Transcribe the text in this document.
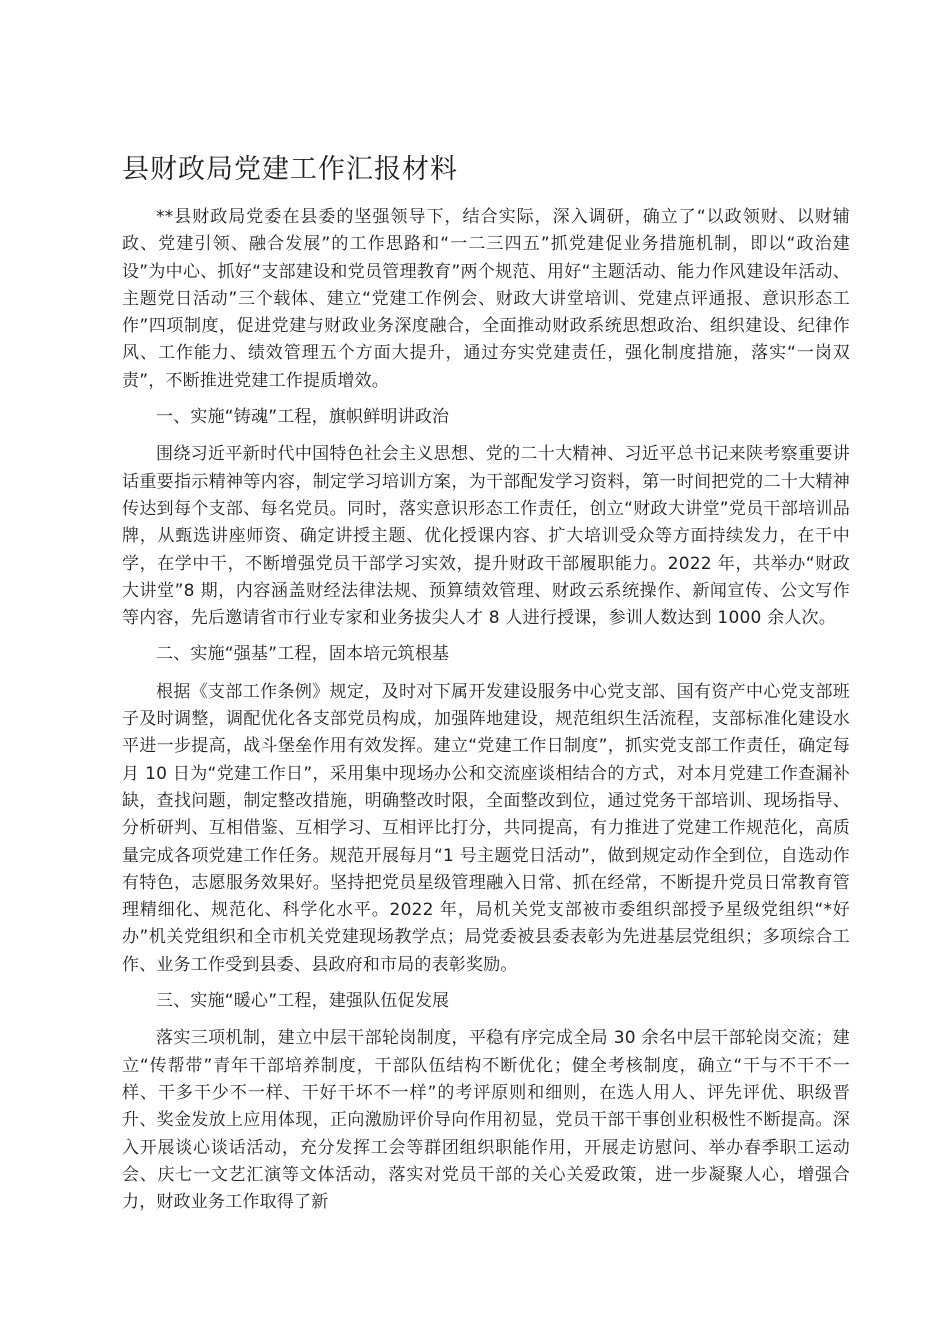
县财政局党建工作汇报材料

**县财政局党委在县委的坚强领导下，结合实际，深入调研，确立了“以政领财、以财辅政、党建引领、融合发展”的工作思路和“一二三四五”抓党建促业务措施机制，即以“政治建设”为中心、抓好“支部建设和党员管理教育”两个规范、用好“主题活动、能力作风建设年活动、主题党日活动”三个载体、建立“党建工作例会、财政大讲堂培训、党建点评通报、意识形态工作”四项制度，促进党建与财政业务深度融合，全面推动财政系统思想政治、组织建设、纪律作风、工作能力、绩效管理五个方面大提升，通过夯实党建责任，强化制度措施，落实“一岗双责”，不断推进党建工作提质增效。

一、实施“铸魂”工程，旗帜鲜明讲政治

围绕习近平新时代中国特色社会主义思想、党的二十大精神、习近平总书记来陕考察重要讲话重要指示精神等内容，制定学习培训方案，为干部配发学习资料，第一时间把党的二十大精神传达到每个支部、每名党员。同时，落实意识形态工作责任，创立“财政大讲堂”党员干部培训品牌，从甄选讲座师资、确定讲授主题、优化授课内容、扩大培训受众等方面持续发力，在干中学，在学中干，不断增强党员干部学习实效，提升财政干部履职能力。2022 年，共举办“财政大讲堂”8 期，内容涵盖财经法律法规、预算绩效管理、财政云系统操作、新闻宣传、公文写作等内容，先后邀请省市行业专家和业务拔尖人才 8 人进行授课，参训人数达到 1000 余人次。

二、实施“强基”工程，固本培元筑根基

根据《支部工作条例》规定，及时对下属开发建设服务中心党支部、国有资产中心党支部班子及时调整，调配优化各支部党员构成，加强阵地建设，规范组织生活流程，支部标准化建设水平进一步提高，战斗堡垒作用有效发挥。建立“党建工作日制度”，抓实党支部工作责任，确定每月 10 日为“党建工作日”，采用集中现场办公和交流座谈相结合的方式，对本月党建工作查漏补缺，查找问题，制定整改措施，明确整改时限，全面整改到位，通过党务干部培训、现场指导、分析研判、互相借鉴、互相学习、互相评比打分，共同提高，有力推进了党建工作规范化，高质量完成各项党建工作任务。规范开展每月“1 号主题党日活动”，做到规定动作全到位，自选动作有特色，志愿服务效果好。坚持把党员星级管理融入日常、抓在经常，不断提升党员日常教育管理精细化、规范化、科学化水平。2022 年，局机关党支部被市委组织部授予星级党组织“*好办”机关党组织和全市机关党建现场教学点；局党委被县委表彰为先进基层党组织；多项综合工作、业务工作受到县委、县政府和市局的表彰奖励。

三、实施“暖心”工程，建强队伍促发展

落实三项机制，建立中层干部轮岗制度，平稳有序完成全局 30 余名中层干部轮岗交流；建立“传帮带”青年干部培养制度，干部队伍结构不断优化；健全考核制度，确立“干与不干不一样、干多干少不一样、干好干坏不一样”的考评原则和细则，在选人用人、评先评优、职级晋升、奖金发放上应用体现，正向激励评价导向作用初显，党员干部干事创业积极性不断提高。深入开展谈心谈话活动，充分发挥工会等群团组织职能作用，开展走访慰问、举办春季职工运动会、庆七一文艺汇演等文体活动，落实对党员干部的关心关爱政策，进一步凝聚人心，增强合力，财政业务工作取得了新
